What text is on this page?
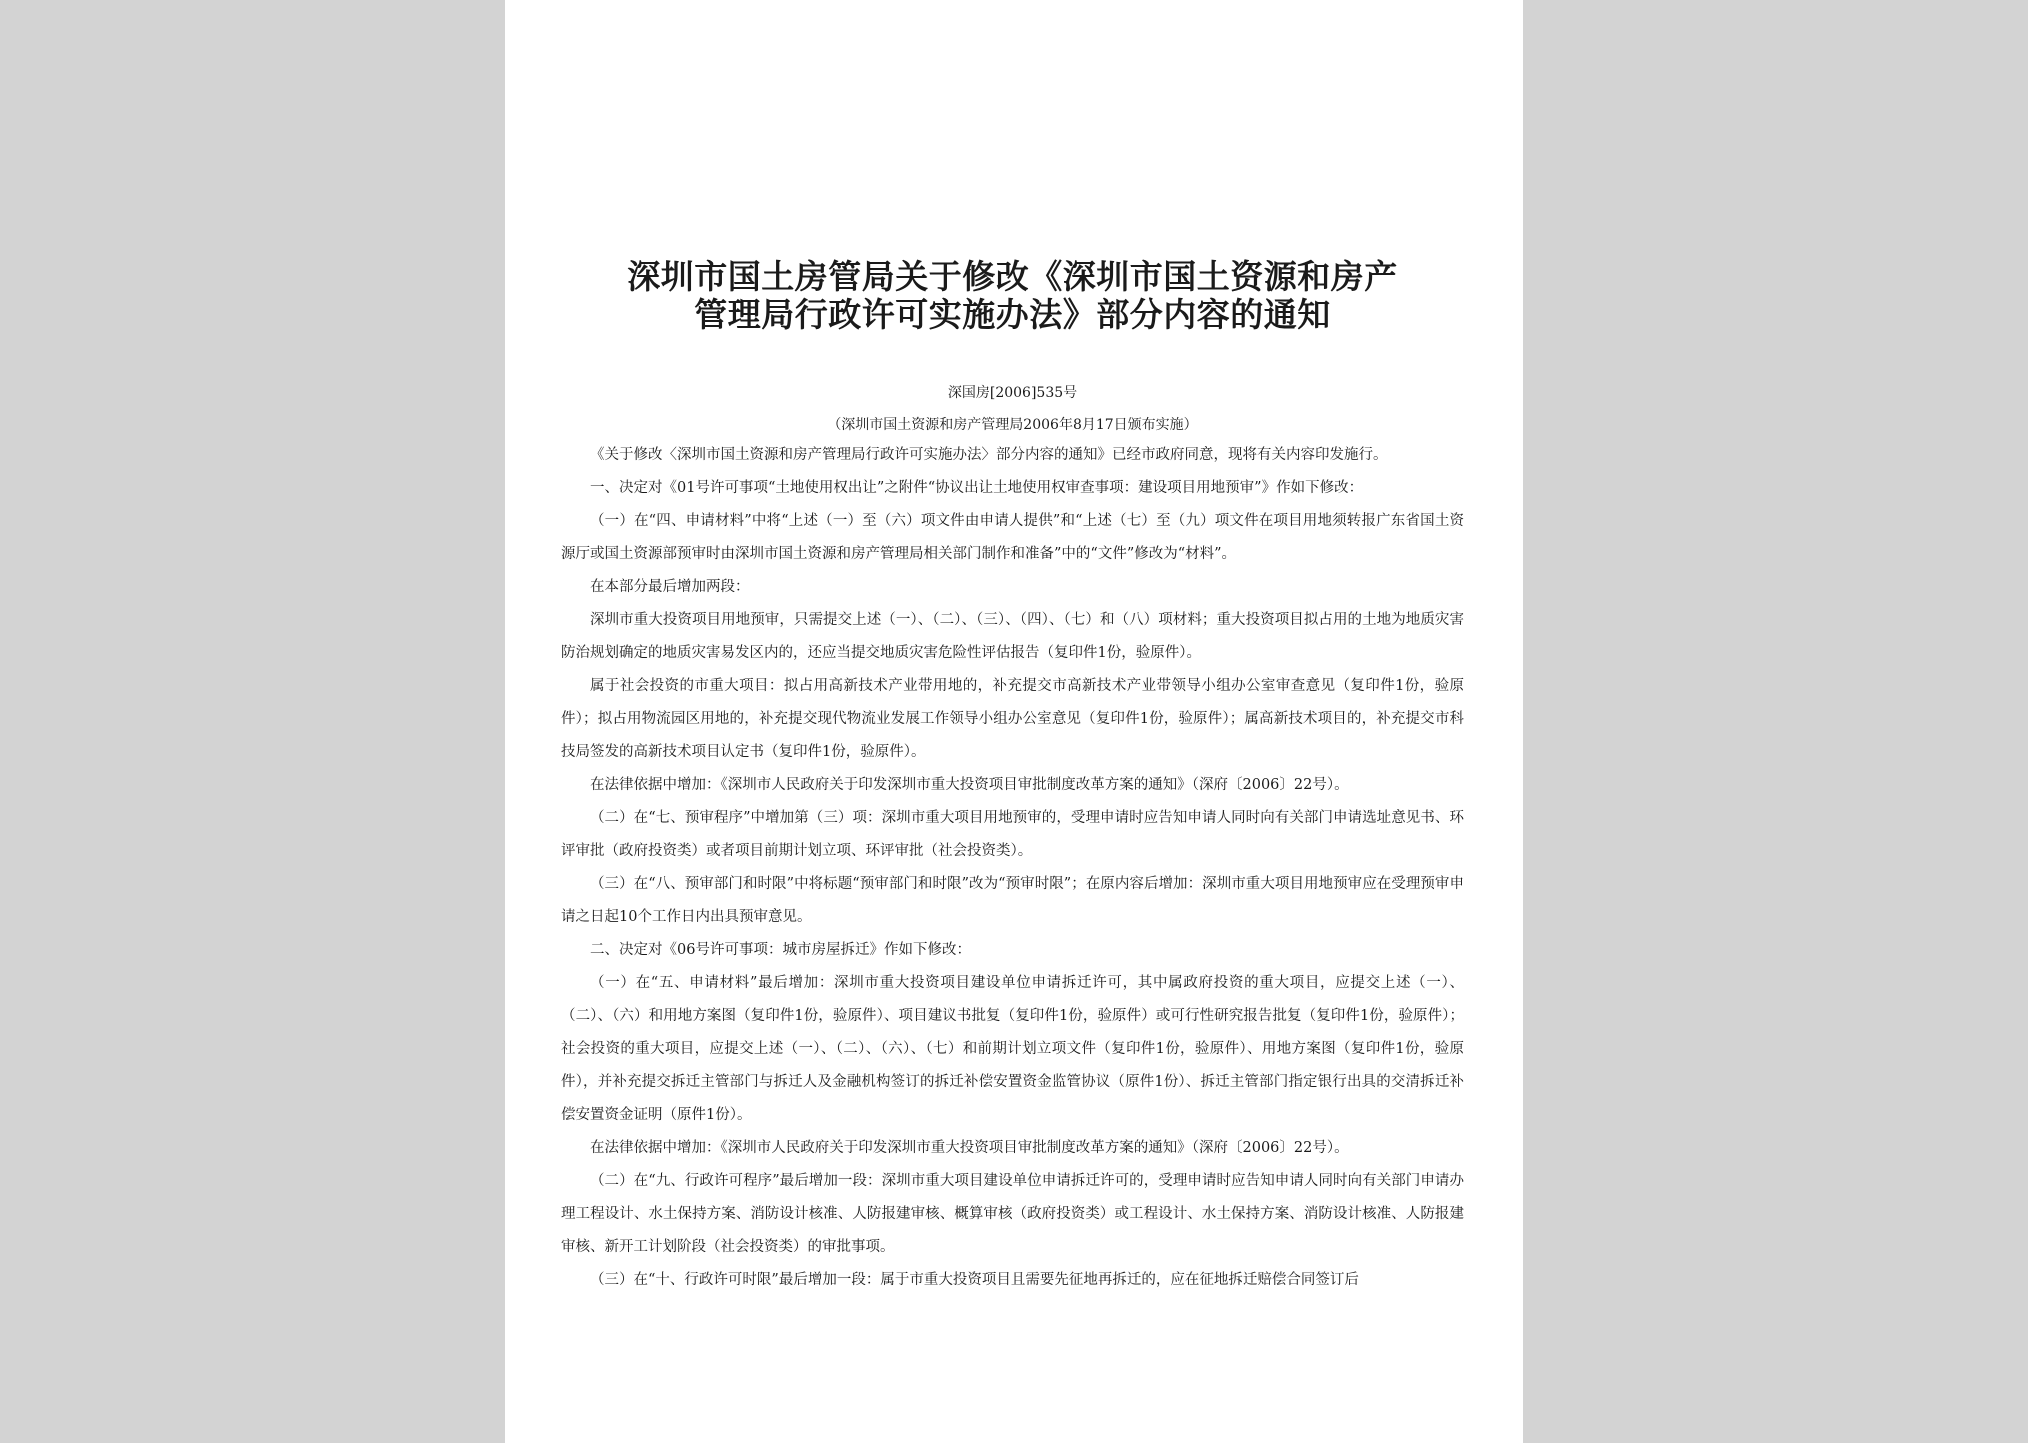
深圳市国土房管局关于修改《深圳市国土资源和房产
管理局行政许可实施办法》部分内容的通知
深国房[2006]535号
（深圳市国土资源和房产管理局2006年8月17日颁布实施）

《关于修改〈深圳市国土资源和房产管理局行政许可实施办法〉部分内容的通知》已经市政府同意，现将有关内容印发施行。

一、决定对《01号许可事项“土地使用权出让”之附件“协议出让土地使用权审查事项：建设项目用地预审”》作如下修改：

（一）在“四、申请材料”中将“上述（一）至（六）项文件由申请人提供”和“上述（七）至（九）项文件在项目用地须转报广东省国土资源厅或国土资源部预审时由深圳市国土资源和房产管理局相关部门制作和准备”中的“文件”修改为“材料”。

在本部分最后增加两段：

深圳市重大投资项目用地预审，只需提交上述（一）、（二）、（三）、（四）、（七）和（八）项材料；重大投资项目拟占用的土地为地质灾害防治规划确定的地质灾害易发区内的，还应当提交地质灾害危险性评估报告（复印件1份，验原件）。

属于社会投资的市重大项目：拟占用高新技术产业带用地的，补充提交市高新技术产业带领导小组办公室审查意见（复印件1份，验原件）；拟占用物流园区用地的，补充提交现代物流业发展工作领导小组办公室意见（复印件1份，验原件）；属高新技术项目的，补充提交市科技局签发的高新技术项目认定书（复印件1份，验原件）。

在法律依据中增加：《深圳市人民政府关于印发深圳市重大投资项目审批制度改革方案的通知》（深府〔2006〕22号）。

（二）在“七、预审程序”中增加第（三）项：深圳市重大项目用地预审的，受理申请时应告知申请人同时向有关部门申请选址意见书、环评审批（政府投资类）或者项目前期计划立项、环评审批（社会投资类）。

（三）在“八、预审部门和时限”中将标题“预审部门和时限”改为“预审时限”；在原内容后增加：深圳市重大项目用地预审应在受理预审申请之日起10个工作日内出具预审意见。

二、决定对《06号许可事项：城市房屋拆迁》作如下修改：

（一）在“五、申请材料”最后增加：深圳市重大投资项目建设单位申请拆迁许可，其中属政府投资的重大项目，应提交上述（一）、（二）、（六）和用地方案图（复印件1份，验原件）、项目建议书批复（复印件1份，验原件）或可行性研究报告批复（复印件1份，验原件）；社会投资的重大项目，应提交上述（一）、（二）、（六）、（七）和前期计划立项文件（复印件1份，验原件）、用地方案图（复印件1份，验原件），并补充提交拆迁主管部门与拆迁人及金融机构签订的拆迁补偿安置资金监管协议（原件1份）、拆迁主管部门指定银行出具的交清拆迁补偿安置资金证明（原件1份）。

在法律依据中增加：《深圳市人民政府关于印发深圳市重大投资项目审批制度改革方案的通知》（深府〔2006〕22号）。

（二）在“九、行政许可程序”最后增加一段：深圳市重大项目建设单位申请拆迁许可的，受理申请时应告知申请人同时向有关部门申请办理工程设计、水土保持方案、消防设计核准、人防报建审核、概算审核（政府投资类）或工程设计、水土保持方案、消防设计核准、人防报建审核、新开工计划阶段（社会投资类）的审批事项。

（三）在“十、行政许可时限”最后增加一段：属于市重大投资项目且需要先征地再拆迁的，应在征地拆迁赔偿合同签订后
